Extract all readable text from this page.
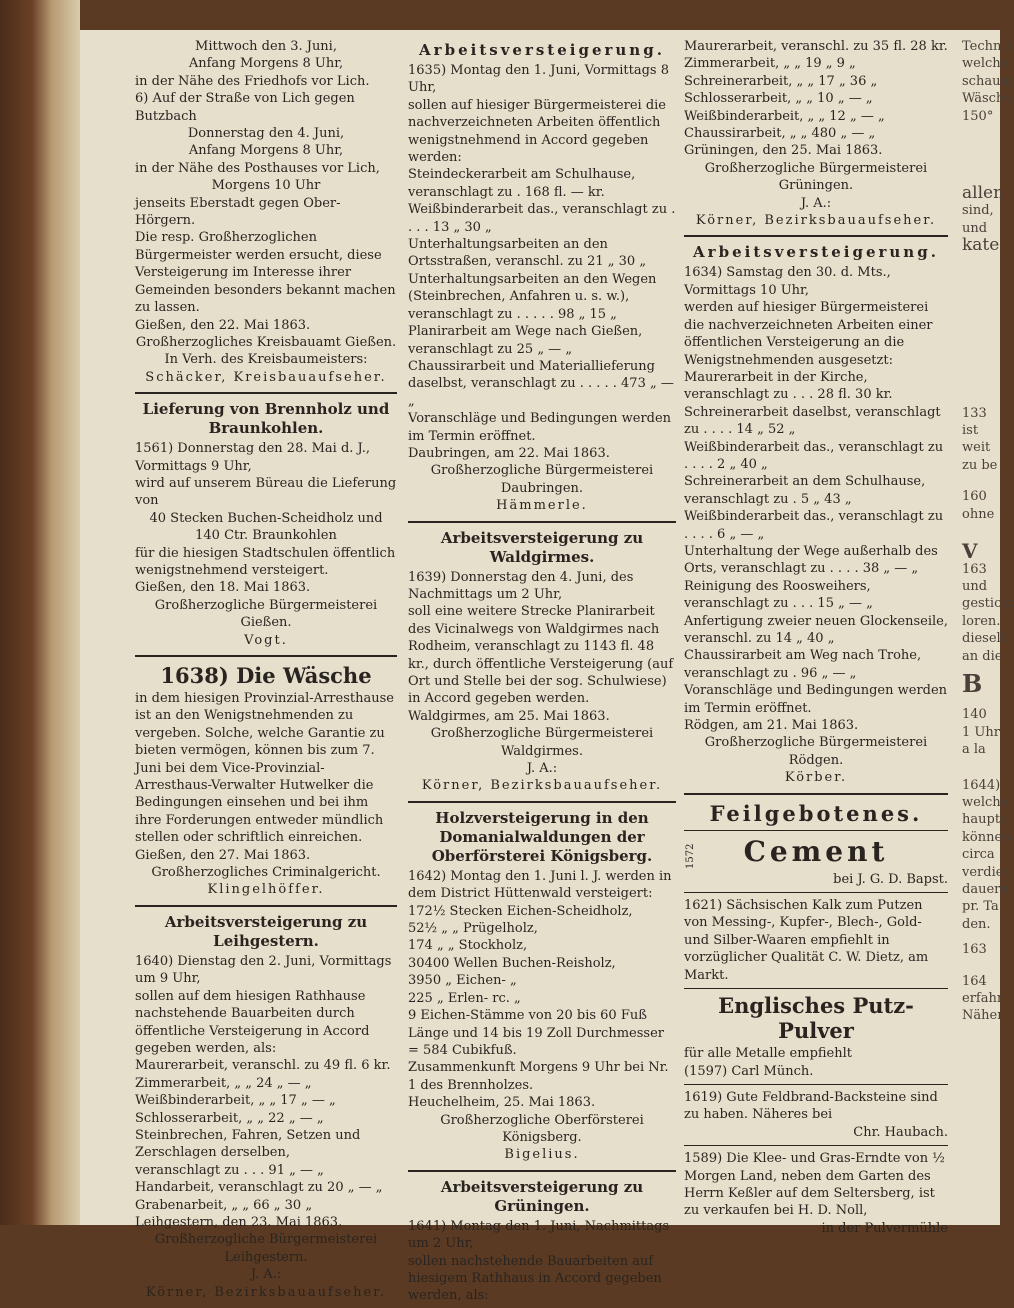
Mittwoch den 3. Juni,
Anfang Morgens 8 Uhr,
in der Nähe des Friedhofs vor Lich.
6) Auf der Straße von Lich gegen Butzbach
Donnerstag den 4. Juni,
Anfang Morgens 8 Uhr,
in der Nähe des Posthauses vor Lich,
Morgens 10 Uhr
jenseits Eberstadt gegen Ober-Hörgern.
Die resp. Großherzoglichen Bürgermeister werden ersucht, diese Versteigerung im Interesse ihrer Gemeinden besonders bekannt machen zu lassen.
Gießen, den 22. Mai 1863.
Großherzogliches Kreisbauamt Gießen.
In Verh. des Kreisbaumeisters:
Schäcker, Kreisbauaufseher.
Lieferung von Brennholz und Braunkohlen.
1561) Donnerstag den 28. Mai d. J., Vormittags 9 Uhr,
wird auf unserem Büreau die Lieferung von
40 Stecken Buchen-Scheidholz und
140 Ctr. Braunkohlen
für die hiesigen Stadtschulen öffentlich wenigstnehmend versteigert.
Gießen, den 18. Mai 1863.
Großherzogliche Bürgermeisterei Gießen.
Vogt.
1638) Die Wäsche
in dem hiesigen Provinzial-Arresthause ist an den Wenigstnehmenden zu vergeben. Solche, welche Garantie zu bieten vermögen, können bis zum 7. Juni bei dem Vice-Provinzial-Arresthaus-Verwalter Hutwelker die Bedingungen einsehen und bei ihm ihre Forderungen entweder mündlich stellen oder schriftlich einreichen.
Gießen, den 27. Mai 1863.
Großherzogliches Criminalgericht.
Klingelhöffer.
Arbeitsversteigerung zu Leihgestern.
1640) Dienstag den 2. Juni, Vormittags um 9 Uhr,
sollen auf dem hiesigen Rathhause nachstehende Bauarbeiten durch öffentliche Versteigerung in Accord gegeben werden, als:
Maurerarbeit, veranschl. zu 49 fl. 6 kr.
Zimmerarbeit, „ „ 24 „ — „
Weißbinderarbeit, „ „ 17 „ — „
Schlosserarbeit, „ „ 22 „ — „
Steinbrechen, Fahren, Setzen und Zerschlagen derselben,
veranschlagt zu . . . 91 „ — „
Handarbeit, veranschlagt zu 20 „ — „
Grabenarbeit, „ „ 66 „ 30 „
Leihgestern, den 23. Mai 1863.
Großherzogliche Bürgermeisterei Leihgestern.
J. A.:
Körner, Bezirksbauaufseher.
Arbeitsversteigerung.
1635) Montag den 1. Juni, Vormittags 8 Uhr,
sollen auf hiesiger Bürgermeisterei die nachverzeichneten Arbeiten öffentlich wenigstnehmend in Accord gegeben werden:
Steindeckerarbeit am Schulhause, veranschlagt zu . 168 fl. — kr.
Weißbinderarbeit das., veranschlagt zu . . . . 13 „ 30 „
Unterhaltungsarbeiten an den Ortsstraßen, veranschl. zu 21 „ 30 „
Unterhaltungsarbeiten an den Wegen (Steinbrechen, Anfahren u. s. w.), veranschlagt zu . . . . . 98 „ 15 „
Planirarbeit am Wege nach Gießen, veranschlagt zu 25 „ — „
Chaussirarbeit und Materiallieferung daselbst, veranschlagt zu . . . . . 473 „ — „
Voranschläge und Bedingungen werden im Termin eröffnet.
Daubringen, am 22. Mai 1863.
Großherzogliche Bürgermeisterei Daubringen.
Hämmerle.
Arbeitsversteigerung zu Waldgirmes.
1639) Donnerstag den 4. Juni, des Nachmittags um 2 Uhr,
soll eine weitere Strecke Planirarbeit des Vicinalwegs von Waldgirmes nach Rodheim, veranschlagt zu 1143 fl. 48 kr., durch öffentliche Versteigerung (auf Ort und Stelle bei der sog. Schulwiese) in Accord gegeben werden.
Waldgirmes, am 25. Mai 1863.
Großherzogliche Bürgermeisterei Waldgirmes.
J. A.:
Körner, Bezirksbauaufseher.
Holzversteigerung in den Domanialwaldungen der Oberförsterei Königsberg.
1642) Montag den 1. Juni l. J. werden in dem District Hüttenwald versteigert:
172½ Stecken Eichen-Scheidholz,
52½ „ „ Prügelholz,
174 „ „ Stockholz,
30400 Wellen Buchen-Reisholz,
3950 „ Eichen- „
225 „ Erlen- rc. „
9 Eichen-Stämme von 20 bis 60 Fuß Länge und 14 bis 19 Zoll Durchmesser = 584 Cubikfuß.
Zusammenkunft Morgens 9 Uhr bei Nr. 1 des Brennholzes.
Heuchelheim, 25. Mai 1863.
Großherzogliche Oberförsterei Königsberg.
Bigelius.
Arbeitsversteigerung zu Grüningen.
1641) Montag den 1. Juni, Nachmittags um 2 Uhr,
sollen nachstehende Bauarbeiten auf hiesigem Rathhaus in Accord gegeben werden, als:
Maurerarbeit, veranschl. zu 35 fl. 28 kr.
Zimmerarbeit, „ „ 19 „ 9 „
Schreinerarbeit, „ „ 17 „ 36 „
Schlosserarbeit, „ „ 10 „ — „
Weißbinderarbeit, „ „ 12 „ — „
Chaussirarbeit, „ „ 480 „ — „
Grüningen, den 25. Mai 1863.
Großherzogliche Bürgermeisterei Grüningen.
J. A.:
Körner, Bezirksbauaufseher.
Arbeitsversteigerung.
1634) Samstag den 30. d. Mts., Vormittags 10 Uhr,
werden auf hiesiger Bürgermeisterei die nachverzeichneten Arbeiten einer öffentlichen Versteigerung an die Wenigstnehmenden ausgesetzt:
Maurerarbeit in der Kirche, veranschlagt zu . . . 28 fl. 30 kr.
Schreinerarbeit daselbst, veranschlagt zu . . . . 14 „ 52 „
Weißbinderarbeit das., veranschlagt zu . . . . 2 „ 40 „
Schreinerarbeit an dem Schulhause, veranschlagt zu . 5 „ 43 „
Weißbinderarbeit das., veranschlagt zu . . . . 6 „ — „
Unterhaltung der Wege außerhalb des Orts, veranschlagt zu . . . . 38 „ — „
Reinigung des Roosweihers, veranschlagt zu . . . 15 „ — „
Anfertigung zweier neuen Glockenseile, veranschl. zu 14 „ 40 „
Chaussirarbeit am Weg nach Trohe, veranschlagt zu . 96 „ — „
Voranschläge und Bedingungen werden im Termin eröffnet.
Rödgen, am 21. Mai 1863.
Großherzogliche Bürgermeisterei Rödgen.
Körber.
Feilgebotenes.
Cement
1572
bei J. G. D. Bapst.
1621) Sächsischen Kalk zum Putzen von Messing-, Kupfer-, Blech-, Gold- und Silber-Waaren empfiehlt in vorzüglicher Qualität C. W. Dietz, am Markt.
Englisches Putz-Pulver
für alle Metalle empfiehlt
(1597) Carl Münch.
1619) Gute Feldbrand-Backsteine sind zu haben. Näheres bei
Chr. Haubach.
1589) Die Klee- und Gras-Erndte von ½ Morgen Land, neben dem Garten des Herrn Keßler auf dem Seltersberg, ist zu verkaufen bei H. D. Noll,
in der Pulvermühle
Technik
welche
schaum
Wäsche
150°
allen
sind,
und
kate
133
ist
weit
zu be
160
ohne
V
163
und
gestickt
loren.
dieselb
an die
B
140
1 Uhr
a la
1644)
welche
haupts
können
circa
verdien
dauern
pr. Ta
den.
163
164
erfahr
Näher
